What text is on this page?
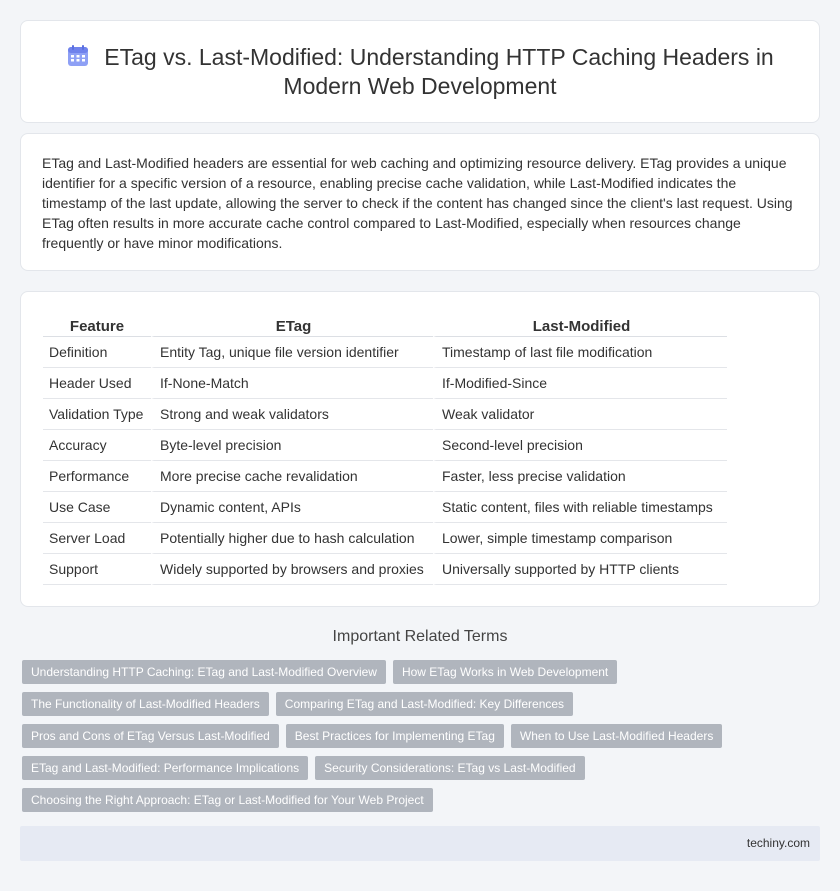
ETag vs. Last-Modified: Understanding HTTP Caching Headers in Modern Web Development

ETag and Last-Modified headers are essential for web caching and optimizing resource delivery. ETag provides a unique identifier for a specific version of a resource, enabling precise cache validation, while Last-Modified indicates the timestamp of the last update, allowing the server to check if the content has changed since the client's last request. Using ETag often results in more accurate cache control compared to Last-Modified, especially when resources change frequently or have minor modifications.

Feature	ETag	Last-Modified
Definition	Entity Tag, unique file version identifier	Timestamp of last file modification
Header Used	If-None-Match	If-Modified-Since
Validation Type	Strong and weak validators	Weak validator
Accuracy	Byte-level precision	Second-level precision
Performance	More precise cache revalidation	Faster, less precise validation
Use Case	Dynamic content, APIs	Static content, files with reliable timestamps
Server Load	Potentially higher due to hash calculation	Lower, simple timestamp comparison
Support	Widely supported by browsers and proxies	Universally supported by HTTP clients
Important Related Terms
Understanding HTTP Caching: ETag and Last-Modified Overview	How ETag Works in Web Development
The Functionality of Last-Modified Headers	Comparing ETag and Last-Modified: Key Differences
Pros and Cons of ETag Versus Last-Modified	Best Practices for Implementing ETag	When to Use Last-Modified Headers
ETag and Last-Modified: Performance Implications	Security Considerations: ETag vs Last-Modified
Choosing the Right Approach: ETag or Last-Modified for Your Web Project
techiny.com
